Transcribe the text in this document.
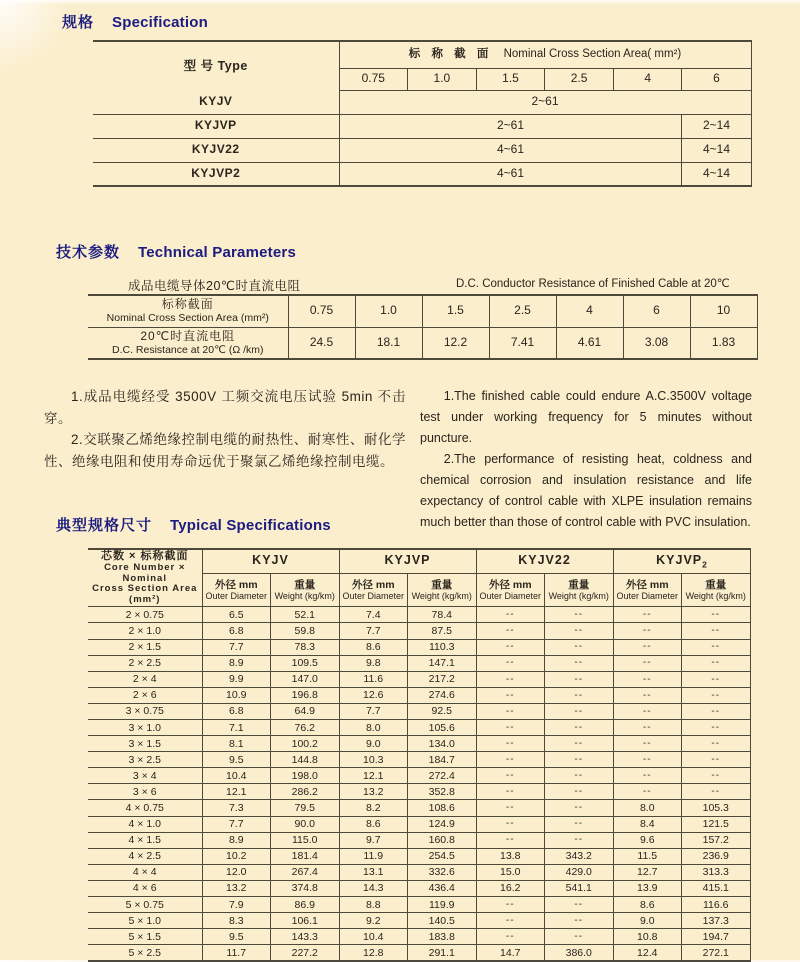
规格 Specification
型 号 Type	标 称 截 面 Nominal Cross Section Area( mm²)					
	0.75	1.0	1.5	2.5	4	6
KYJV	2~61					
KYJVP	2~61					2~14
KYJV22	4~61					4~14
KYJVP2	4~61					4~14
技术参数 Technical Parameters
成品电缆导体20℃时直流电阻	D.C. Conductor Resistance of Finished Cable at 20℃
标称截面
Nominal Cross Section Area (mm²)	0.75	1.0	1.5	2.5	4	6	10

20℃时直流电阻
D.C. Resistance at 20℃ (Ω /km)	24.5	18.1	12.2	7.41	4.61	3.08	1.83

1.成品电缆经受 3500V 工频交流电压试验 5min 不击穿。

2.交联聚乙烯绝缘控制电缆的耐热性、耐寒性、耐化学性、绝缘电阻和使用寿命远优于聚氯乙烯绝缘控制电缆。

1.The finished cable could endure A.C.3500V voltage test under working frequency for 5 minutes without puncture.

2.The performance of resisting heat, coldness and chemical corrosion and insulation resistance and life expectancy of control cable with XLPE insulation remains much better than those of control cable with PVC insulation.

典型规格尺寸 Typical Specifications
芯数 × 标称截面
Core Number × Nominal
Cross Section Area (mm²)	KYJV		KYJVP		KYJV22		$KYJVP_2$

	外径 mm
Outer Diameter	重量
Weight (kg/km)	外径 mm
Outer Diameter	重量
Weight (kg/km)	外径 mm
Outer Diameter	重量
Weight (kg/km)	外径 mm
Outer Diameter	重量
Weight (kg/km)

2 × 0.75	6.5	52.1	7.4	78.4	--	--	--	--
2 × 1.0	6.8	59.8	7.7	87.5	--	--	--	--
2 × 1.5	7.7	78.3	8.6	110.3	--	--	--	--
2 × 2.5	8.9	109.5	9.8	147.1	--	--	--	--
2 × 4	9.9	147.0	11.6	217.2	--	--	--	--
2 × 6	10.9	196.8	12.6	274.6	--	--	--	--
3 × 0.75	6.8	64.9	7.7	92.5	--	--	--	--
3 × 1.0	7.1	76.2	8.0	105.6	--	--	--	--
3 × 1.5	8.1	100.2	9.0	134.0	--	--	--	--
3 × 2.5	9.5	144.8	10.3	184.7	--	--	--	--
3 × 4	10.4	198.0	12.1	272.4	--	--	--	--
3 × 6	12.1	286.2	13.2	352.8	--	--	--	--
4 × 0.75	7.3	79.5	8.2	108.6	--	--	8.0	105.3
4 × 1.0	7.7	90.0	8.6	124.9	--	--	8.4	121.5
4 × 1.5	8.9	115.0	9.7	160.8	--	--	9.6	157.2
4 × 2.5	10.2	181.4	11.9	254.5	13.8	343.2	11.5	236.9
4 × 4	12.0	267.4	13.1	332.6	15.0	429.0	12.7	313.3
4 × 6	13.2	374.8	14.3	436.4	16.2	541.1	13.9	415.1
5 × 0.75	7.9	86.9	8.8	119.9	--	--	8.6	116.6
5 × 1.0	8.3	106.1	9.2	140.5	--	--	9.0	137.3
5 × 1.5	9.5	143.3	10.4	183.8	--	--	10.8	194.7
5 × 2.5	11.7	227.2	12.8	291.1	14.7	386.0	12.4	272.1
